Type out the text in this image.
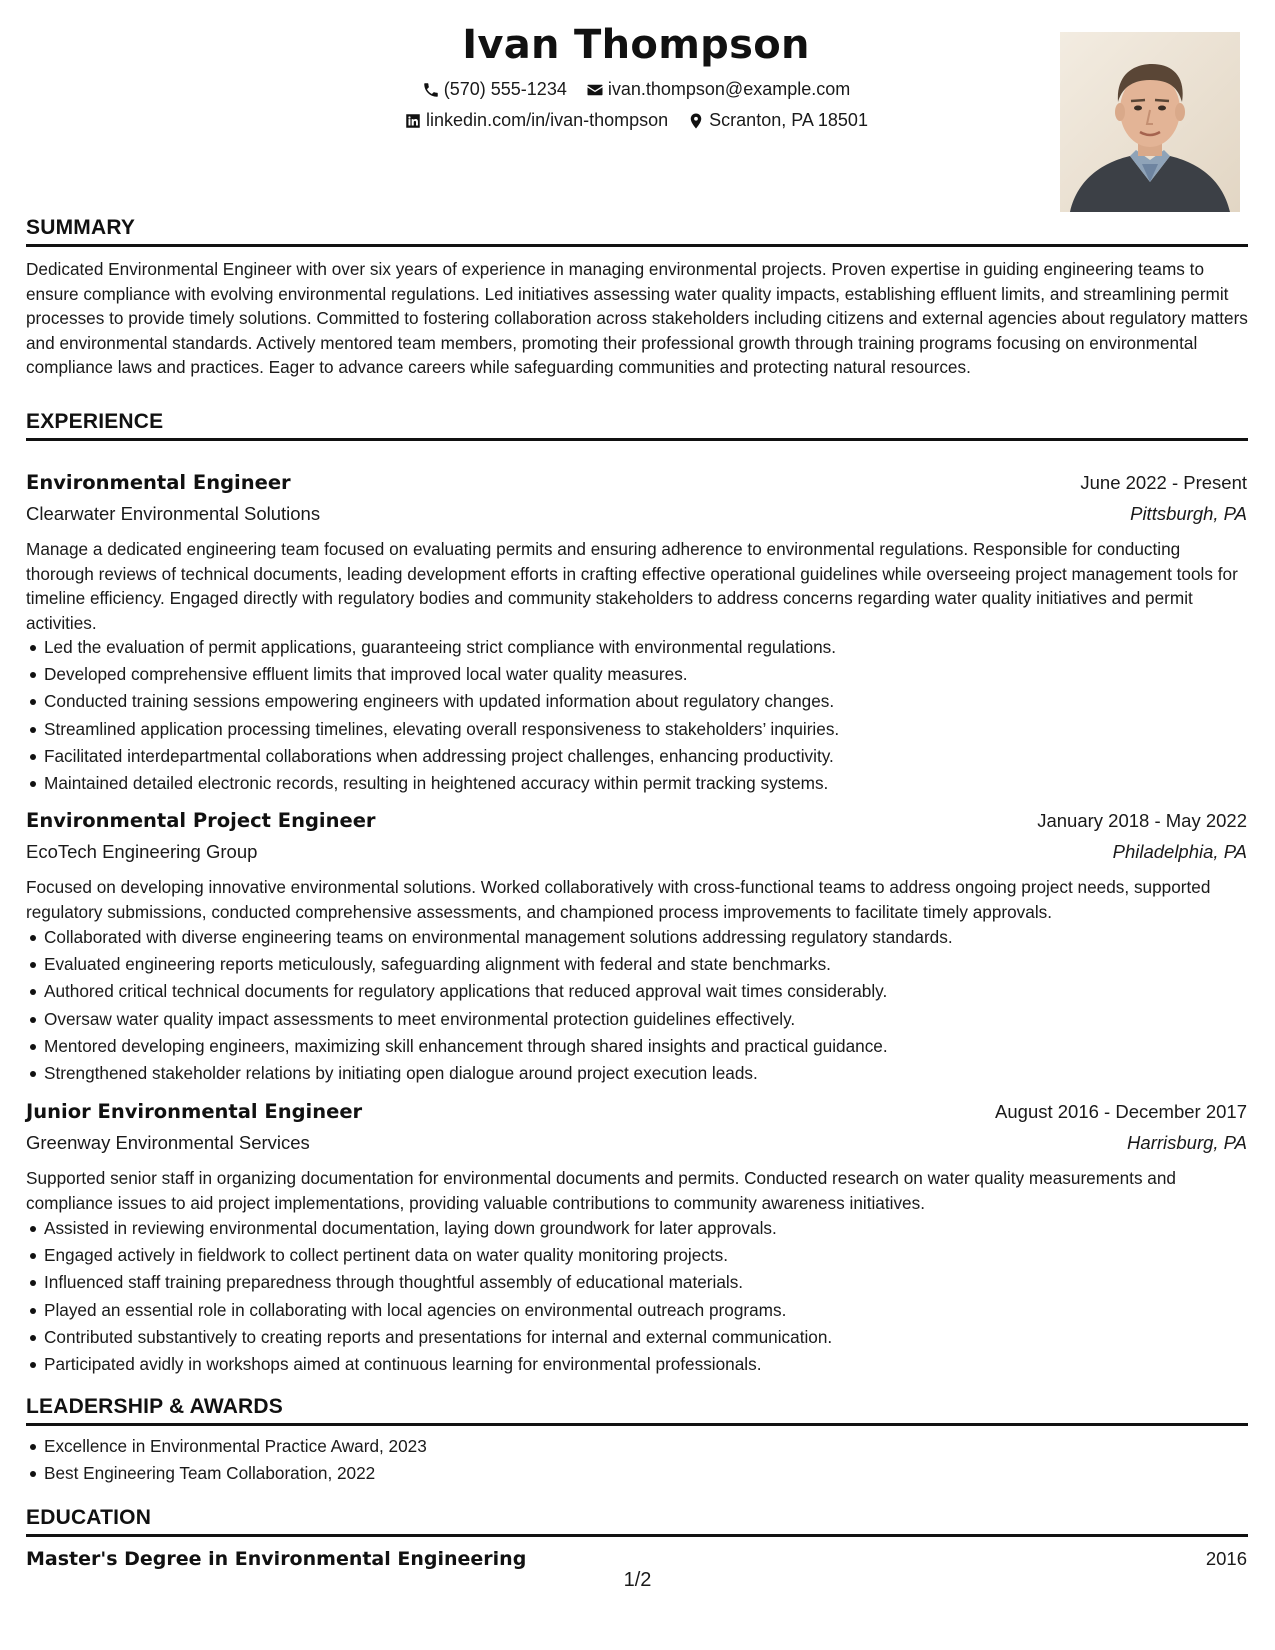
Ivan Thompson
(570) 555-1234
ivan.thompson@example.com
linkedin.com/in/ivan-thompson
Scranton, PA 18501
SUMMARY
Dedicated Environmental Engineer with over six years of experience in managing environmental projects. Proven expertise in guiding engineering teams to ensure compliance with evolving environmental regulations. Led initiatives assessing water quality impacts, establishing effluent limits, and streamlining permit processes to provide timely solutions. Committed to fostering collaboration across stakeholders including citizens and external agencies about regulatory matters and environmental standards. Actively mentored team members, promoting their professional growth through training programs focusing on environmental compliance laws and practices. Eager to advance careers while safeguarding communities and protecting natural resources.
EXPERIENCE
Environmental Engineer	June 2022 - Present
Clearwater Environmental Solutions	Pittsburgh, PA
Manage a dedicated engineering team focused on evaluating permits and ensuring adherence to environmental regulations. Responsible for conducting thorough reviews of technical documents, leading development efforts in crafting effective operational guidelines while overseeing project management tools for timeline efficiency. Engaged directly with regulatory bodies and community stakeholders to address concerns regarding water quality initiatives and permit activities.
Led the evaluation of permit applications, guaranteeing strict compliance with environmental regulations.
Developed comprehensive effluent limits that improved local water quality measures.
Conducted training sessions empowering engineers with updated information about regulatory changes.
Streamlined application processing timelines, elevating overall responsiveness to stakeholders’ inquiries.
Facilitated interdepartmental collaborations when addressing project challenges, enhancing productivity.
Maintained detailed electronic records, resulting in heightened accuracy within permit tracking systems.
Environmental Project Engineer	January 2018 - May 2022
EcoTech Engineering Group	Philadelphia, PA
Focused on developing innovative environmental solutions. Worked collaboratively with cross-functional teams to address ongoing project needs, supported regulatory submissions, conducted comprehensive assessments, and championed process improvements to facilitate timely approvals.
Collaborated with diverse engineering teams on environmental management solutions addressing regulatory standards.
Evaluated engineering reports meticulously, safeguarding alignment with federal and state benchmarks.
Authored critical technical documents for regulatory applications that reduced approval wait times considerably.
Oversaw water quality impact assessments to meet environmental protection guidelines effectively.
Mentored developing engineers, maximizing skill enhancement through shared insights and practical guidance.
Strengthened stakeholder relations by initiating open dialogue around project execution leads.
Junior Environmental Engineer	August 2016 - December 2017
Greenway Environmental Services	Harrisburg, PA
Supported senior staff in organizing documentation for environmental documents and permits. Conducted research on water quality measurements and compliance issues to aid project implementations, providing valuable contributions to community awareness initiatives.
Assisted in reviewing environmental documentation, laying down groundwork for later approvals.
Engaged actively in fieldwork to collect pertinent data on water quality monitoring projects.
Influenced staff training preparedness through thoughtful assembly of educational materials.
Played an essential role in collaborating with local agencies on environmental outreach programs.
Contributed substantively to creating reports and presentations for internal and external communication.
Participated avidly in workshops aimed at continuous learning for environmental professionals.
LEADERSHIP & AWARDS
Excellence in Environmental Practice Award, 2023
Best Engineering Team Collaboration, 2022
EDUCATION
Master's Degree in Environmental Engineering	2016
1/2
